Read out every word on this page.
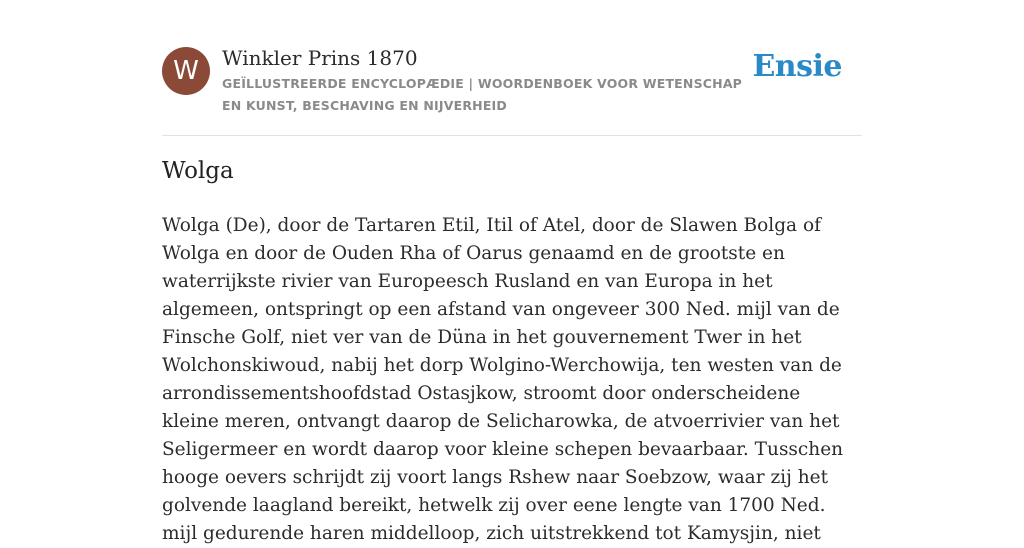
W	Winkler Prins 1870
GEÏLLUSTREERDE ENCYCLOPÆDIE | WOORDENBOEK VOOR WETENSCHAP EN KUNST, BESCHAVING EN NIJVERHEID
Ensie
Wolga

Wolga (De), door de Tartaren Etil, Itil of Atel, door de Slawen Bolga of Wolga en door de Ouden Rha of Oarus genaamd en de grootste en waterrijkste rivier van Europeesch Rusland en van Europa in het algemeen, ontspringt op een afstand van ongeveer 300 Ned. mijl van de Finsche Golf, niet ver van de Düna in het gouvernement Twer in het Wolchonskiwoud, nabij het dorp Wolgino-Werchowija, ten westen van de arrondissementshoofdstad Ostasjkow, stroomt door onderscheidene kleine meren, ontvangt daarop de Selicharowka, de atvoerrivier van het Seligermeer en wordt daarop voor kleine schepen bevaarbaar. Tusschen hooge oevers schrijdt zij voort langs Rshew naar Soebzow, waar zij het golvende laagland bereikt, hetwelk zij over eene lengte van 1700 Ned. mijl gedurende haren middelloop, zich uitstrekkend tot Kamysjin, niet
